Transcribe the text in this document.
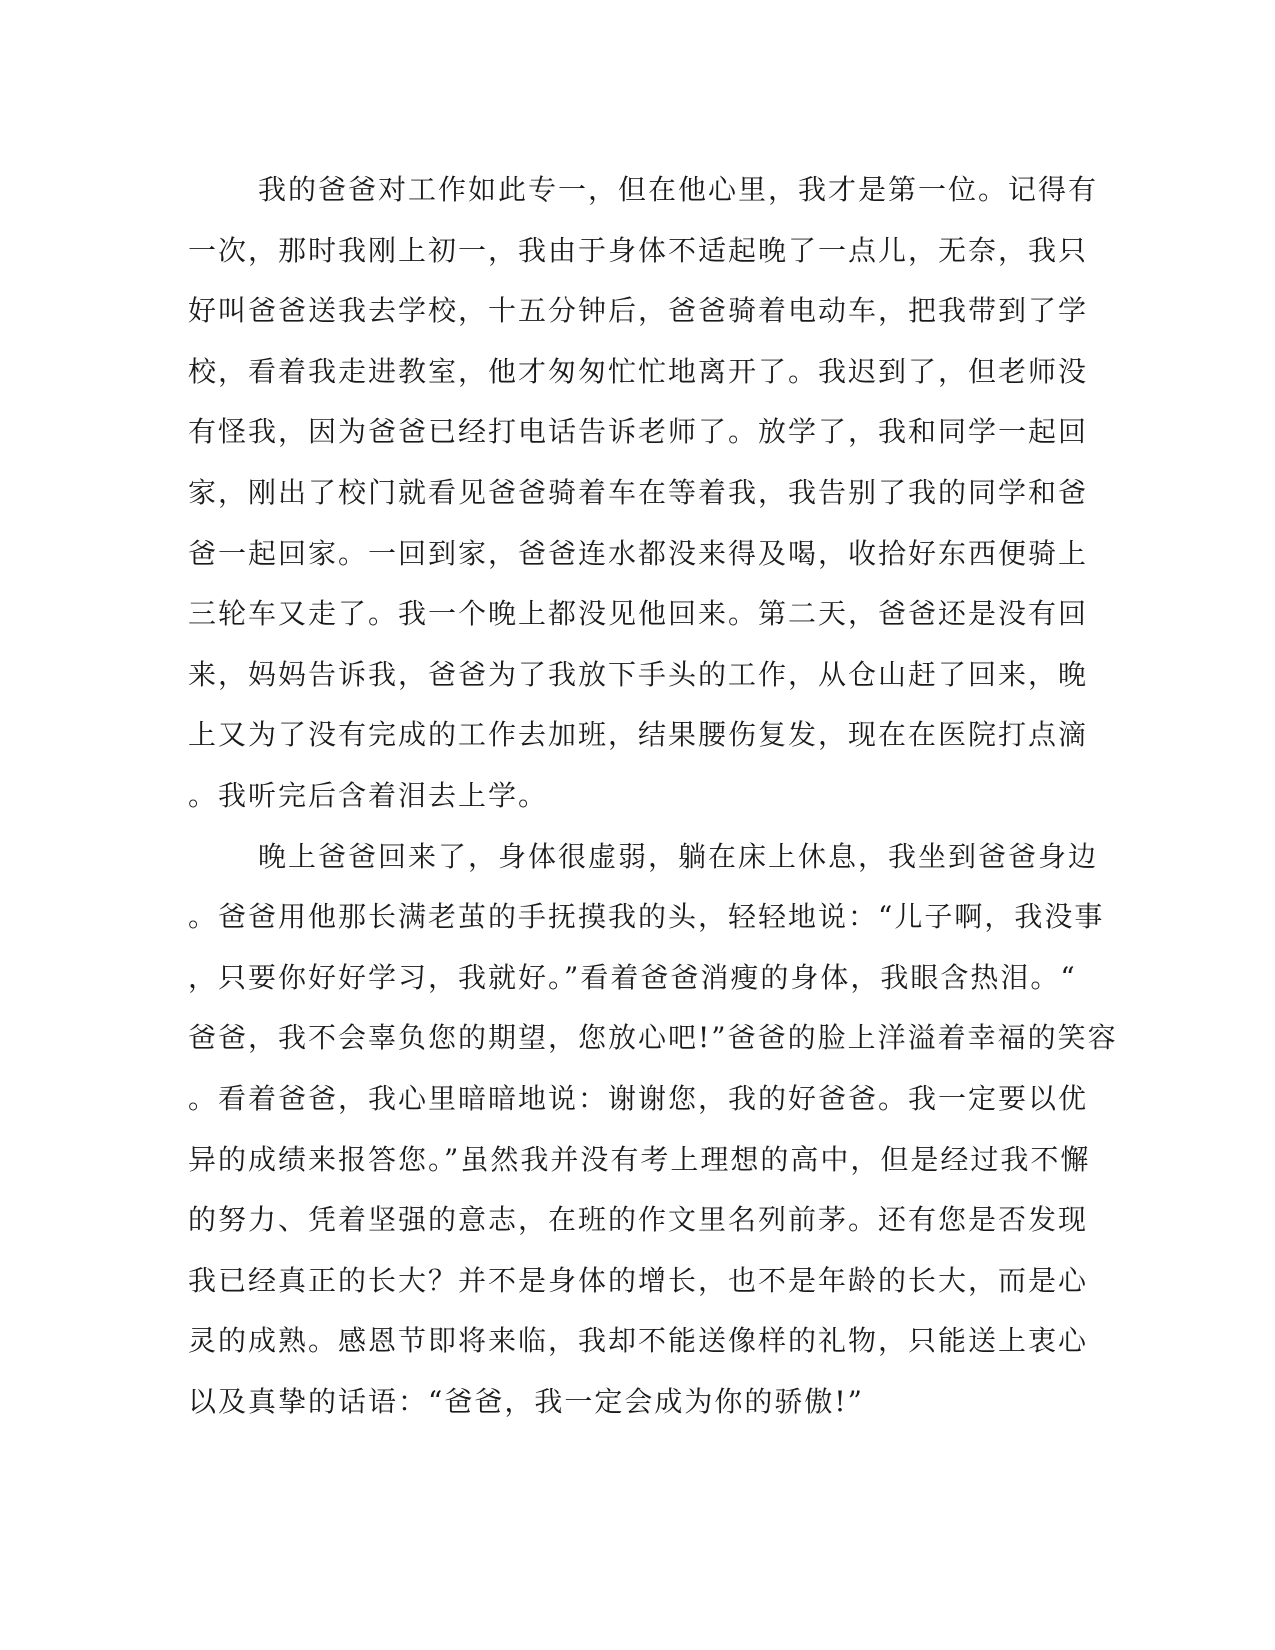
我的爸爸对工作如此专一，但在他心里，我才是第一位。记得有

一次，那时我刚上初一，我由于身体不适起晚了一点儿，无奈，我只

好叫爸爸送我去学校，十五分钟后，爸爸骑着电动车，把我带到了学

校，看着我走进教室，他才匆匆忙忙地离开了。我迟到了，但老师没

有怪我，因为爸爸已经打电话告诉老师了。放学了，我和同学一起回

家，刚出了校门就看见爸爸骑着车在等着我，我告别了我的同学和爸

爸一起回家。一回到家，爸爸连水都没来得及喝，收拾好东西便骑上

三轮车又走了。我一个晚上都没见他回来。第二天，爸爸还是没有回

来，妈妈告诉我，爸爸为了我放下手头的工作，从仓山赶了回来，晚

上又为了没有完成的工作去加班，结果腰伤复发，现在在医院打点滴

。我听完后含着泪去上学。

晚上爸爸回来了，身体很虚弱，躺在床上休息，我坐到爸爸身边

。爸爸用他那长满老茧的手抚摸我的头，轻轻地说：“儿子啊，我没事

，只要你好好学习，我就好。”看着爸爸消瘦的身体，我眼含热泪。“

爸爸，我不会辜负您的期望，您放心吧!”爸爸的脸上洋溢着幸福的笑容

。看着爸爸，我心里暗暗地说：谢谢您，我的好爸爸。我一定要以优

异的成绩来报答您。”虽然我并没有考上理想的高中，但是经过我不懈

的努力、凭着坚强的意志，在班的作文里名列前茅。还有您是否发现

我已经真正的长大？并不是身体的增长，也不是年龄的长大，而是心

灵的成熟。感恩节即将来临，我却不能送像样的礼物，只能送上衷心

以及真挚的话语：“爸爸，我一定会成为你的骄傲!”
